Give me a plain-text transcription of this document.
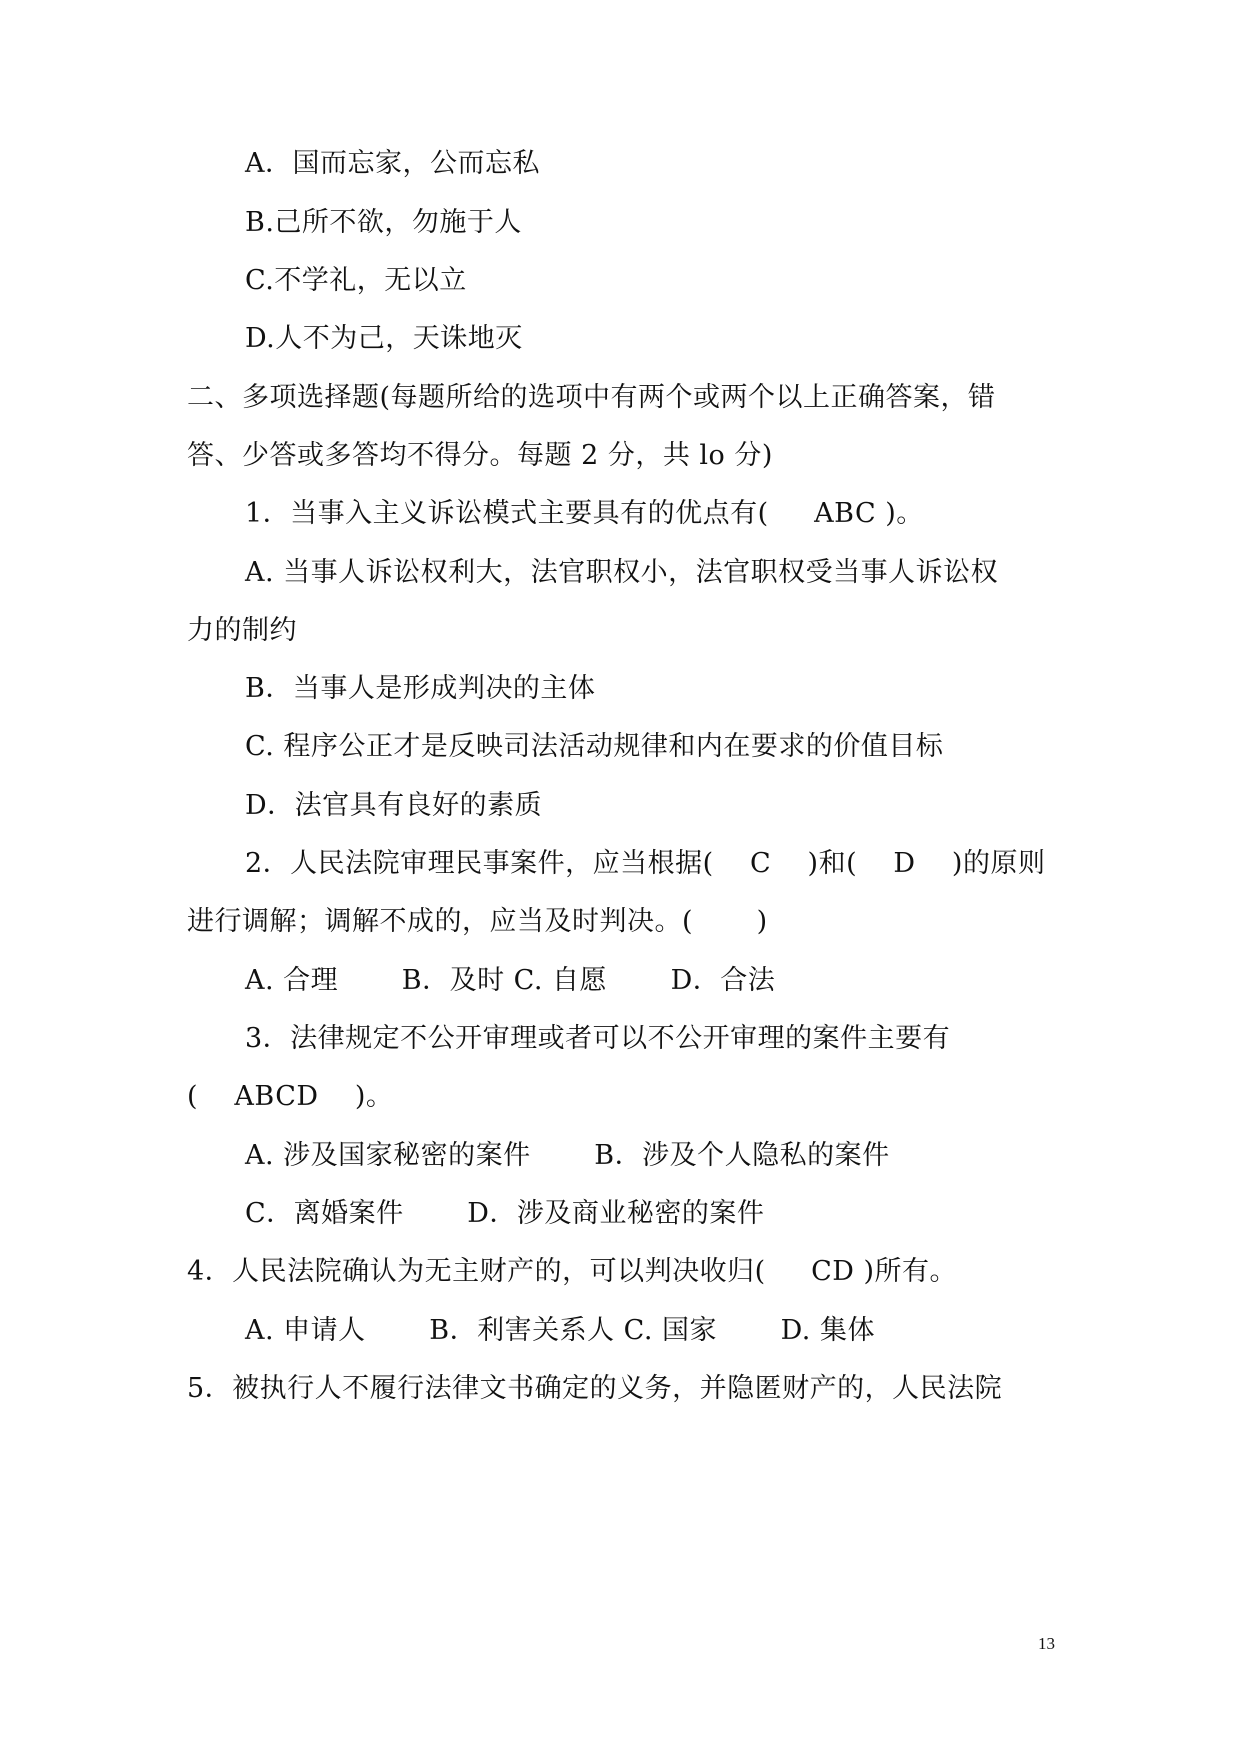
A．国而忘家，公而忘私
B.己所不欲，勿施于人
C.不学礼，无以立
D.人不为己，天诛地灭
二、多项选择题(每题所给的选项中有两个或两个以上正确答案，错
答、少答或多答均不得分。每题 2 分，共 lo 分)
1．当事入主义诉讼模式主要具有的优点有(     ABC )。
A. 当事人诉讼权利大，法官职权小，法官职权受当事人诉讼权
力的制约
B．当事人是形成判决的主体
C. 程序公正才是反映司法活动规律和内在要求的价值目标
D．法官具有良好的素质
2．人民法院审理民事案件，应当根据(    C    )和(    D    )的原则
进行调解；调解不成的，应当及时判决。(       )
A. 合理       B．及时 C. 自愿       D．合法
3．法律规定不公开审理或者可以不公开审理的案件主要有
(    ABCD    )。
A. 涉及国家秘密的案件       B．涉及个人隐私的案件
C．离婚案件       D．涉及商业秘密的案件
4．人民法院确认为无主财产的，可以判决收归(     CD )所有。
A. 申请人       B．利害关系人 C. 国家       D. 集体
5．被执行人不履行法律文书确定的义务，并隐匿财产的，人民法院
13
